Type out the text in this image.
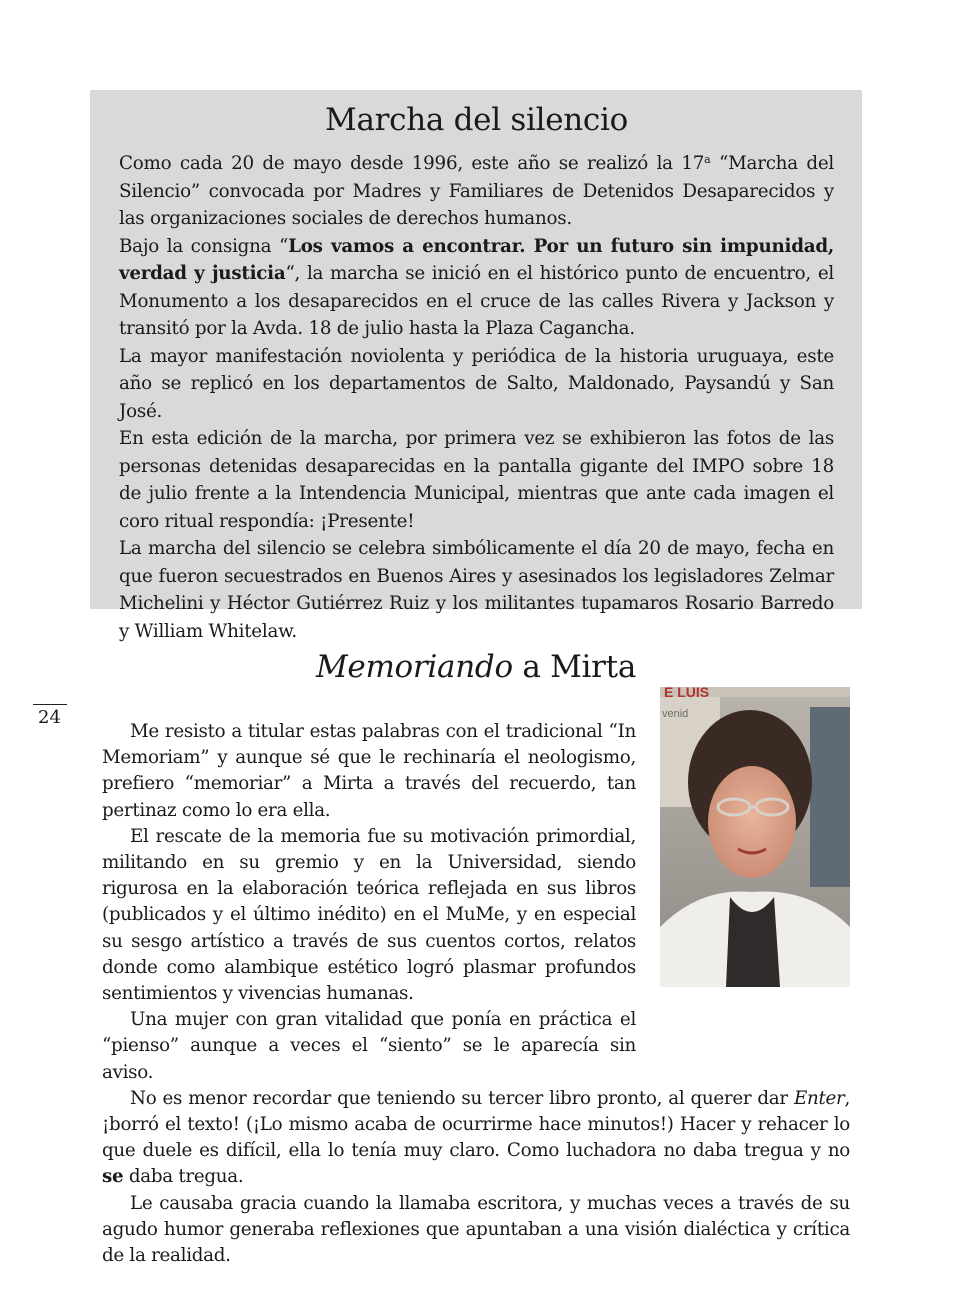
Marcha del silencio

Como cada 20 de mayo desde 1996, este año se realizó la 17$^a$ “Marcha del Silencio” convocada por Madres y Familiares de Detenidos Desaparecidos y las organizaciones sociales de derechos humanos.

Bajo la consigna “Los vamos a encontrar. Por un futuro sin impunidad, verdad y justicia“, la marcha se inició en el histórico punto de encuentro, el Monumento a los desaparecidos en el cruce de las calles Rivera y Jackson y transitó por la Avda. 18 de julio hasta la Plaza Cagancha.

La mayor manifestación noviolenta y periódica de la historia uruguaya, este año se replicó en los departamentos de Salto, Maldonado, Paysandú y San José.

En esta edición de la marcha, por primera vez se exhibieron las fotos de las personas detenidas desaparecidas en la pantalla gigante del IMPO sobre 18 de julio frente a la Intendencia Municipal, mientras que ante cada imagen el coro ritual respondía: ¡Presente!

La marcha del silencio se celebra simbólicamente el día 20 de mayo, fecha en que fueron secuestrados en Buenos Aires y asesinados los legisladores Zelmar Michelini y Héctor Gutiérrez Ruiz y los militantes tupamaros Rosario Barredo y William Whitelaw.

Memoriando a Mirta
24
E LUIS
venid

Me resisto a titular estas palabras con el tradicional “In Memoriam” y aunque sé que le rechinaría el neologismo, prefiero “memoriar” a Mirta a través del recuerdo, tan pertinaz como lo era ella.

El rescate de la memoria fue su motivación primordial, militando en su gremio y en la Universidad, siendo rigurosa en la elaboración teórica reflejada en sus libros (publicados y el último inédito) en el MuMe, y en especial su sesgo artístico a través de sus cuentos cortos, relatos donde como alambique estético logró plasmar profundos sentimientos y vivencias humanas.

Una mujer con gran vitalidad que ponía en práctica el “pienso” aunque a veces el “siento” se le aparecía sin aviso.

No es menor recordar que teniendo su tercer libro pronto, al querer dar Enter, ¡borró el texto! (¡Lo mismo acaba de ocurrirme hace minutos!) Hacer y rehacer lo que duele es difícil, ella lo tenía muy claro. Como luchadora no daba tregua y no se daba tregua.

Le causaba gracia cuando la llamaba escritora, y muchas veces a través de su agudo humor generaba reflexiones que apuntaban a una visión dialéctica y crítica de la realidad.
